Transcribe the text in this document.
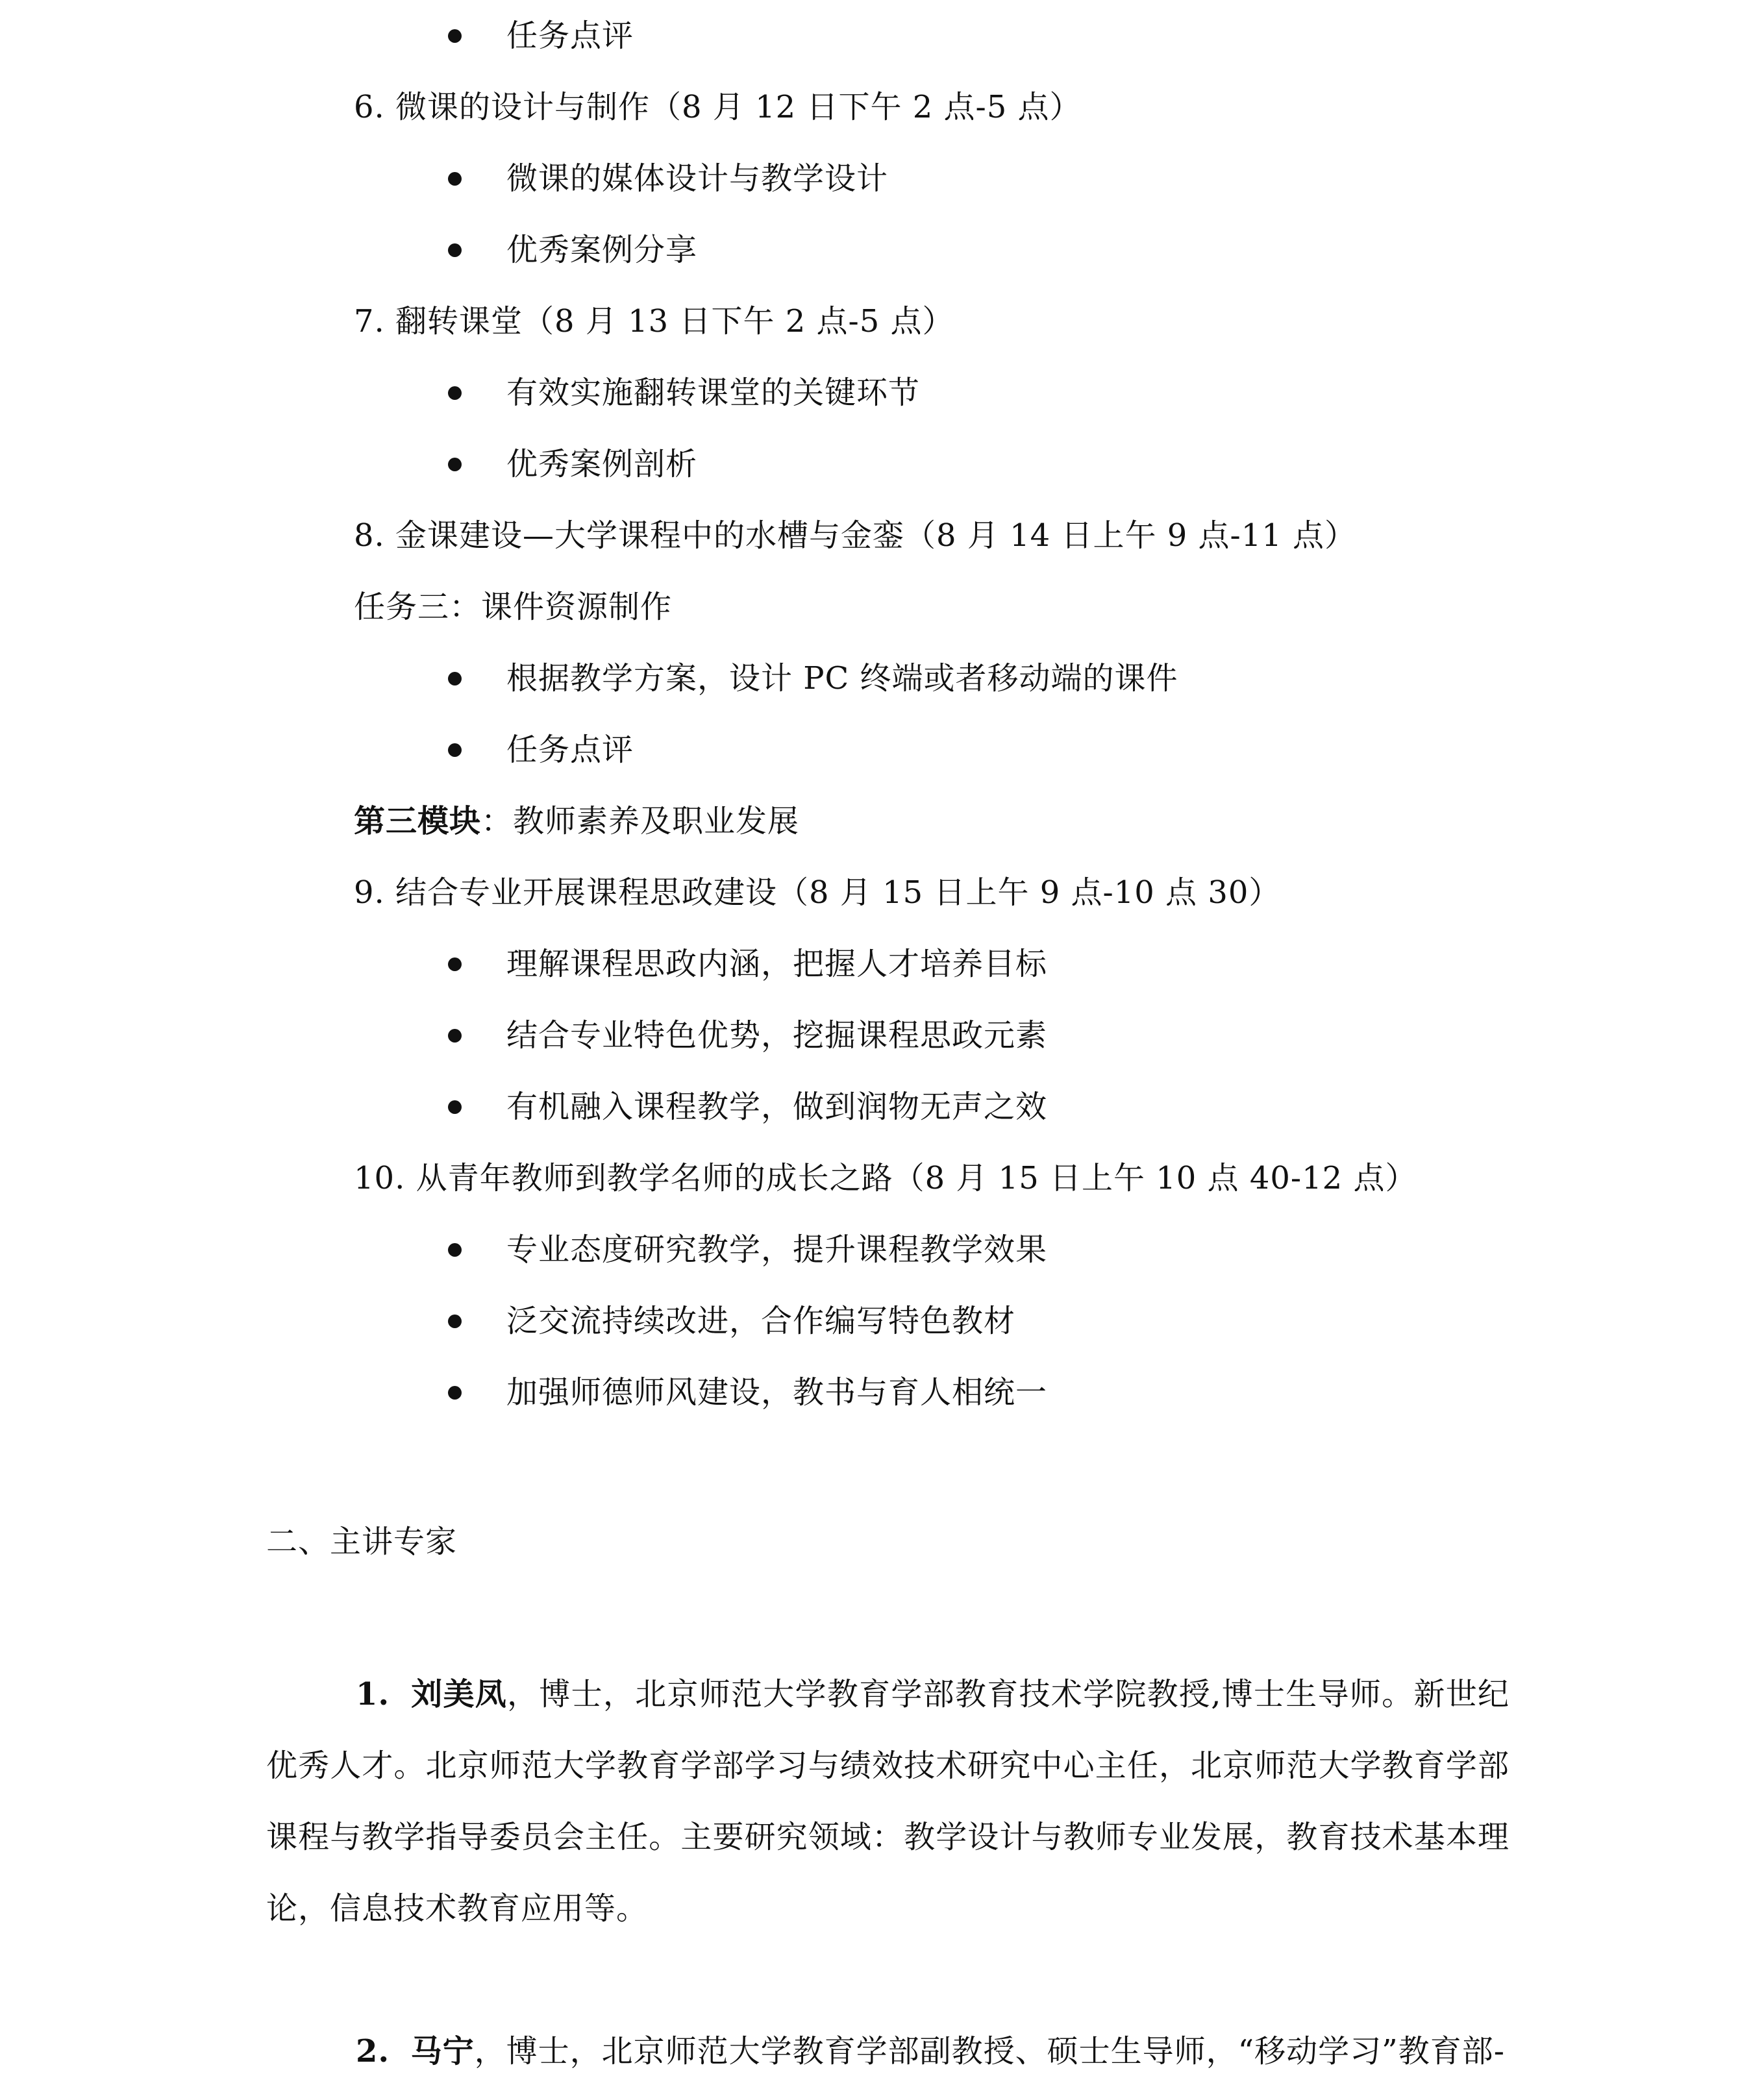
任务点评
6. 微课的设计与制作（8 月 12 日下午 2 点-5 点）
微课的媒体设计与教学设计
优秀案例分享
7. 翻转课堂（8 月 13 日下午 2 点-5 点）
有效实施翻转课堂的关键环节
优秀案例剖析
8. 金课建设—大学课程中的水槽与金銮（8 月 14 日上午 9 点-11 点）
任务三：课件资源制作
根据教学方案，设计 PC 终端或者移动端的课件
任务点评
第三模块：教师素养及职业发展
9. 结合专业开展课程思政建设（8 月 15 日上午 9 点-10 点 30）
理解课程思政内涵，把握人才培养目标
结合专业特色优势，挖掘课程思政元素
有机融入课程教学，做到润物无声之效
10. 从青年教师到教学名师的成长之路（8 月 15 日上午 10 点 40-12 点）
专业态度研究教学，提升课程教学效果
泛交流持续改进，合作编写特色教材
加强师德师风建设，教书与育人相统一
二、主讲专家
1. 刘美凤，博士，北京师范大学教育学部教育技术学院教授,博士生导师。新世纪优秀人才。北京师范大学教育学部学习与绩效技术研究中心主任，北京师范大学教育学部课程与教学指导委员会主任。主要研究领域：教学设计与教师专业发展，教育技术基本理论，信息技术教育应用等。
2. 马宁，博士，北京师范大学教育学部副教授、硕士生导师，“移动学习”教育部-
